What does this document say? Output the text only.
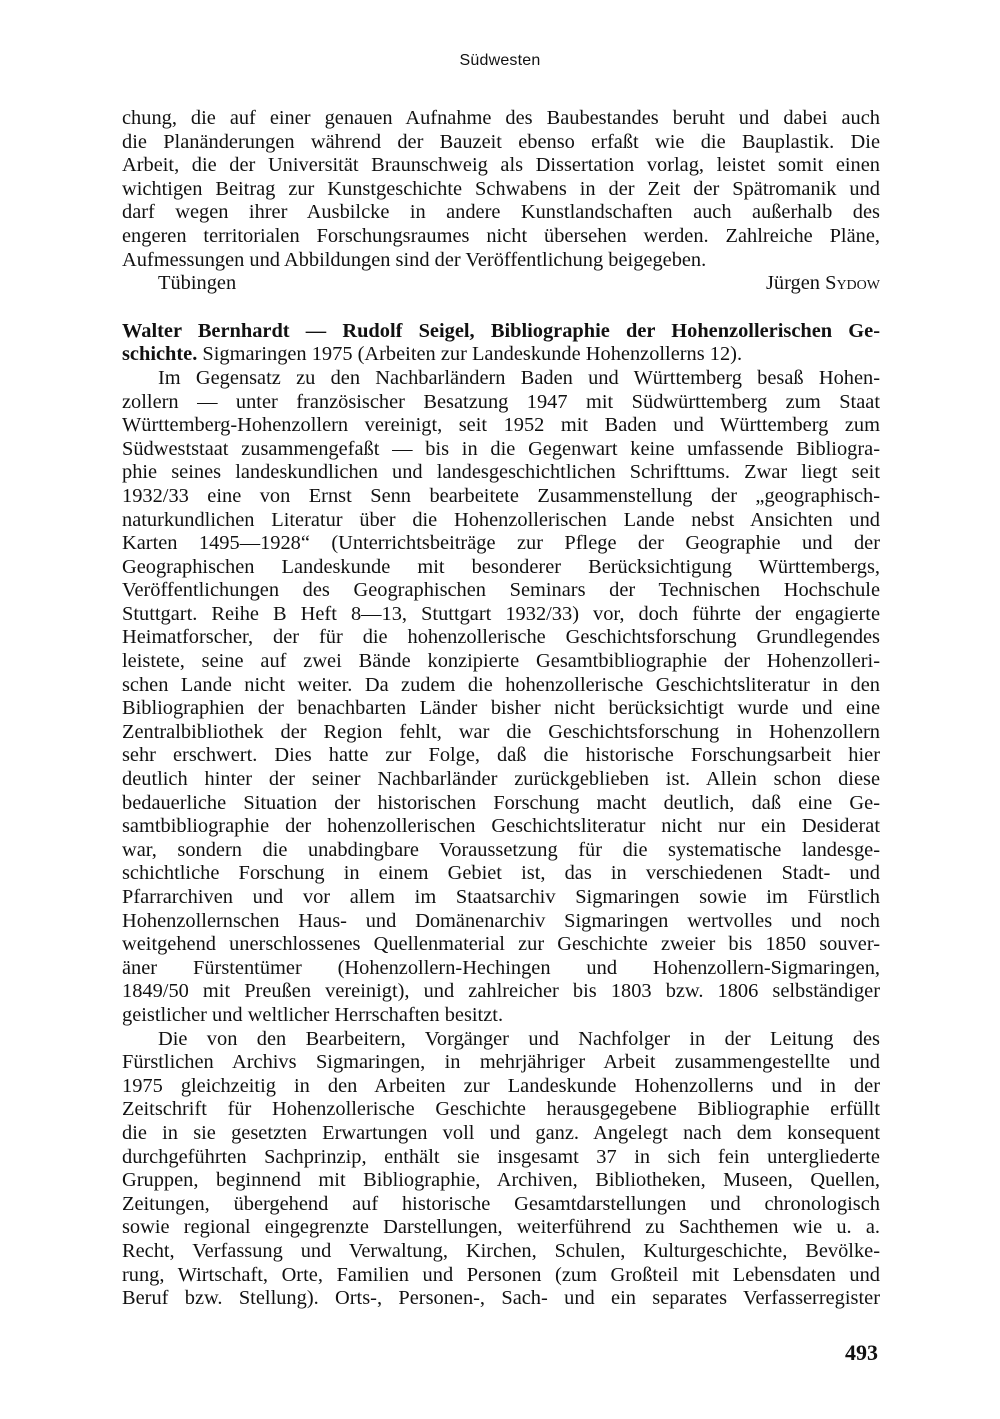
Südwesten
chung, die auf einer genauen Aufnahme des Baubestandes beruht und dabei auch
die Planänderungen während der Bauzeit ebenso erfaßt wie die Bauplastik. Die
Arbeit, die der Universität Braunschweig als Dissertation vorlag, leistet somit einen
wichtigen Beitrag zur Kunstgeschichte Schwabens in der Zeit der Spätromanik und
darf wegen ihrer Ausbilcke in andere Kunstlandschaften auch außerhalb des
engeren territorialen Forschungsraumes nicht übersehen werden. Zahlreiche Pläne,
Aufmessungen und Abbildungen sind der Veröffentlichung beigegeben.
Tübingen	Jürgen Sydow
Walter Bernhardt — Rudolf Seigel, Bibliographie der Hohenzollerischen Ge-
schichte. Sigmaringen 1975 (Arbeiten zur Landeskunde Hohenzollerns 12).
Im Gegensatz zu den Nachbarländern Baden und Württemberg besaß Hohen-
zollern — unter französischer Besatzung 1947 mit Südwürttemberg zum Staat
Württemberg-Hohenzollern vereinigt, seit 1952 mit Baden und Württemberg zum
Südweststaat zusammengefaßt — bis in die Gegenwart keine umfassende Bibliogra-
phie seines landeskundlichen und landesgeschichtlichen Schrifttums. Zwar liegt seit
1932/33 eine von Ernst Senn bearbeitete Zusammenstellung der „geographisch-
naturkundlichen Literatur über die Hohenzollerischen Lande nebst Ansichten und
Karten 1495—1928“ (Unterrichtsbeiträge zur Pflege der Geographie und der
Geographischen Landeskunde mit besonderer Berücksichtigung Württembergs,
Veröffentlichungen des Geographischen Seminars der Technischen Hochschule
Stuttgart. Reihe B Heft 8—13, Stuttgart 1932/33) vor, doch führte der engagierte
Heimatforscher, der für die hohenzollerische Geschichtsforschung Grundlegendes
leistete, seine auf zwei Bände konzipierte Gesamtbibliographie der Hohenzolleri-
schen Lande nicht weiter. Da zudem die hohenzollerische Geschichtsliteratur in den
Bibliographien der benachbarten Länder bisher nicht berücksichtigt wurde und eine
Zentralbibliothek der Region fehlt, war die Geschichtsforschung in Hohenzollern
sehr erschwert. Dies hatte zur Folge, daß die historische Forschungsarbeit hier
deutlich hinter der seiner Nachbarländer zurückgeblieben ist. Allein schon diese
bedauerliche Situation der historischen Forschung macht deutlich, daß eine Ge-
samtbibliographie der hohenzollerischen Geschichtsliteratur nicht nur ein Desiderat
war, sondern die unabdingbare Voraussetzung für die systematische landesge-
schichtliche Forschung in einem Gebiet ist, das in verschiedenen Stadt- und
Pfarrarchiven und vor allem im Staatsarchiv Sigmaringen sowie im Fürstlich
Hohenzollernschen Haus- und Domänenarchiv Sigmaringen wertvolles und noch
weitgehend unerschlossenes Quellenmaterial zur Geschichte zweier bis 1850 souver-
äner Fürstentümer (Hohenzollern-Hechingen und Hohenzollern-Sigmaringen,
1849/50 mit Preußen vereinigt), und zahlreicher bis 1803 bzw. 1806 selbständiger
geistlicher und weltlicher Herrschaften besitzt.
Die von den Bearbeitern, Vorgänger und Nachfolger in der Leitung des
Fürstlichen Archivs Sigmaringen, in mehrjähriger Arbeit zusammengestellte und
1975 gleichzeitig in den Arbeiten zur Landeskunde Hohenzollerns und in der
Zeitschrift für Hohenzollerische Geschichte herausgegebene Bibliographie erfüllt
die in sie gesetzten Erwartungen voll und ganz. Angelegt nach dem konsequent
durchgeführten Sachprinzip, enthält sie insgesamt 37 in sich fein untergliederte
Gruppen, beginnend mit Bibliographie, Archiven, Bibliotheken, Museen, Quellen,
Zeitungen, übergehend auf historische Gesamtdarstellungen und chronologisch
sowie regional eingegrenzte Darstellungen, weiterführend zu Sachthemen wie u. a.
Recht, Verfassung und Verwaltung, Kirchen, Schulen, Kulturgeschichte, Bevölke-
rung, Wirtschaft, Orte, Familien und Personen (zum Großteil mit Lebensdaten und
Beruf bzw. Stellung). Orts-, Personen-, Sach- und ein separates Verfasserregister
493
